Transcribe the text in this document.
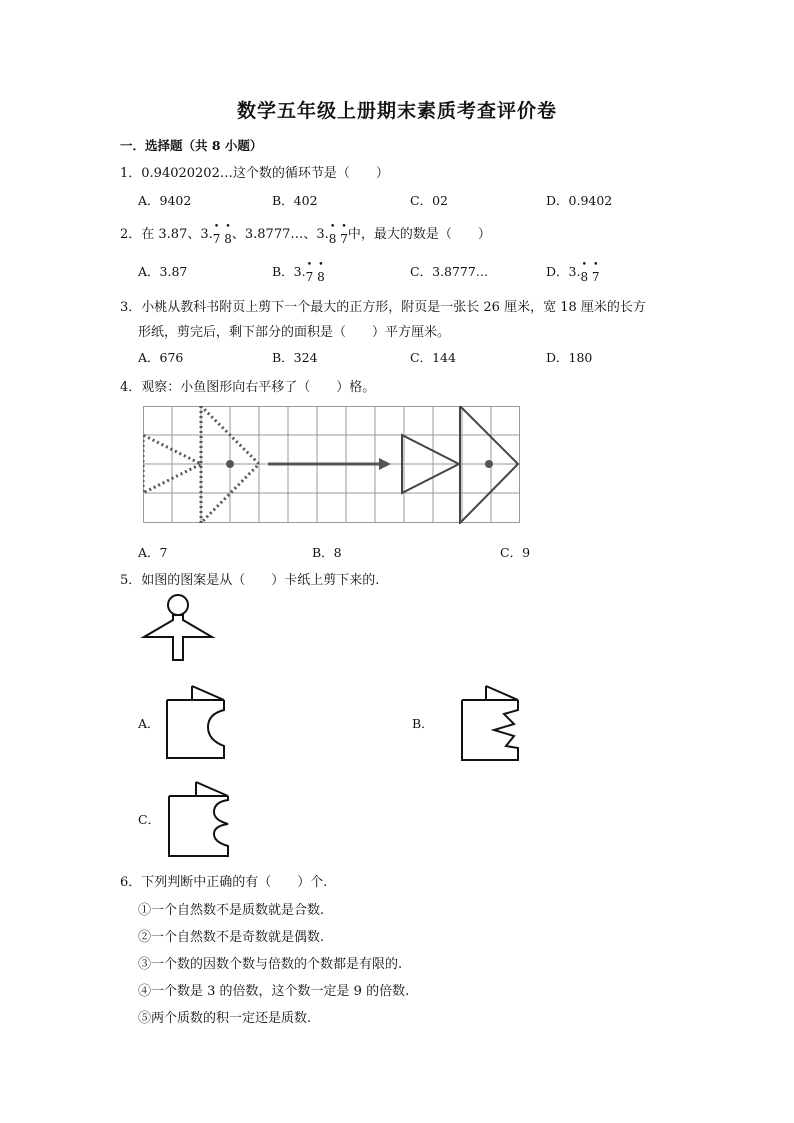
数学五年级上册期末素质考查评价卷
一．选择题（共 8 小题）
1．0.94020202…这个数的循环节是（　　）
A．9402	B．402	C．02	D．0.9402
2．在 3.87、3.• 7 • 8、3.8777…、3.• 8 • 7中，最大的数是（　　）
A．3.87	B．3.• 7 • 8	C．3.8777…	D．3.• 8 • 7
3．小桃从教科书附页上剪下一个最大的正方形，附页是一张长 26 厘米，宽 18 厘米的长方
形纸，剪完后，剩下部分的面积是（　　）平方厘米。
A．676	B．324	C．144	D．180
4．观察：小鱼图形向右平移了（　　）格。
A．7	B．8	C．9
5．如图的图案是从（　　）卡纸上剪下来的.
A．	B．
C．
6．下列判断中正确的有（　　）个.
①一个自然数不是质数就是合数.
②一个自然数不是奇数就是偶数.
③一个数的因数个数与倍数的个数都是有限的.
④一个数是 3 的倍数，这个数一定是 9 的倍数.
⑤两个质数的积一定还是质数.
